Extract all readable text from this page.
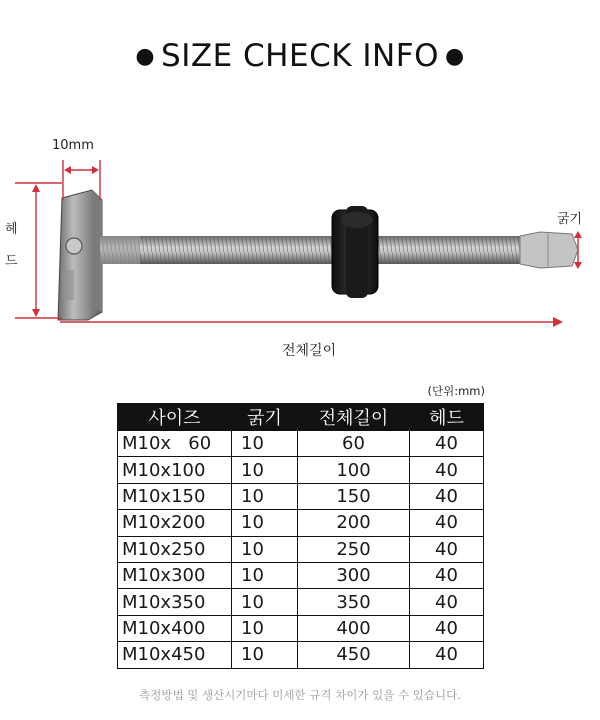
● SIZE CHECK INFO ●
10mm
헤
드
굵기
전체길이
(단위:mm)
사이즈	굵기	전체길이	헤드
M10x   60	10	60	40
M10x100	10	100	40
M10x150	10	150	40
M10x200	10	200	40
M10x250	10	250	40
M10x300	10	300	40
M10x350	10	350	40
M10x400	10	400	40
M10x450	10	450	40
측정방법 및 생산시기마다 미세한 규격 차이가 있을 수 있습니다.
